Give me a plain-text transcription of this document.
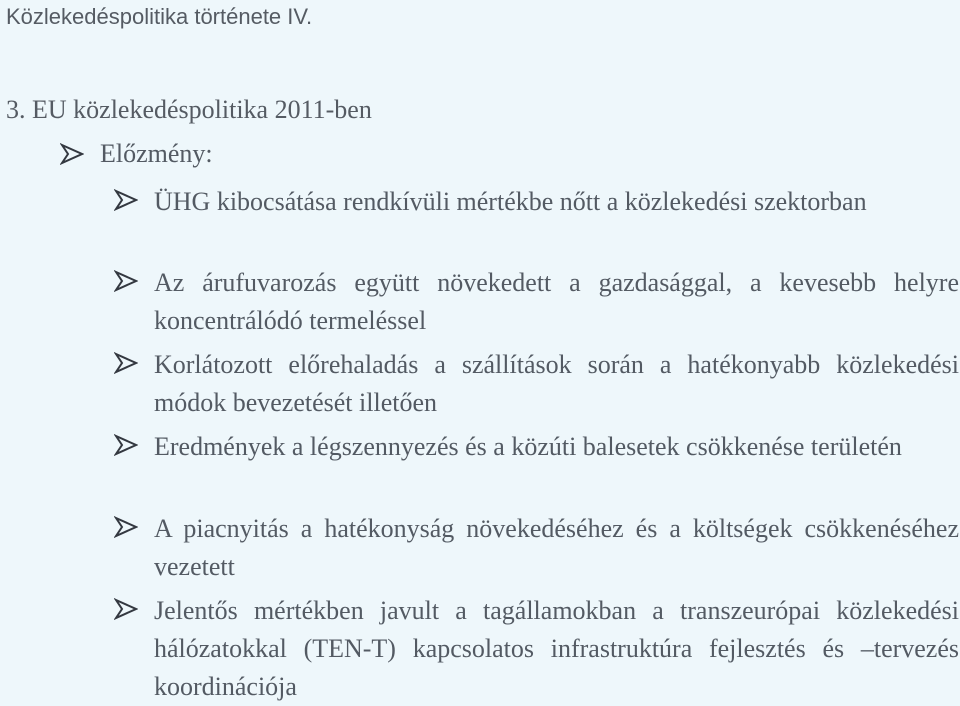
Közlekedéspolitika története IV.
3. EU közlekedéspolitika 2011-ben
Előzmény:
ÜHG kibocsátása rendkívüli mértékbe nőtt a közlekedési szektorban
Az árufuvarozás együtt növekedett a gazdasággal, a kevesebb helyre koncentrálódó termeléssel
Korlátozott előrehaladás a szállítások során a hatékonyabb közlekedési módok bevezetését illetően
Eredmények a légszennyezés és a közúti balesetek csökkenése területén
A piacnyitás a hatékonyság növekedéséhez és a költségek csökkenéséhez vezetett
Jelentős mértékben javult a tagállamokban a transzeurópai közlekedési hálózatokkal (TEN-T) kapcsolatos infrastruktúra fejlesztés és –tervezés koordinációja
